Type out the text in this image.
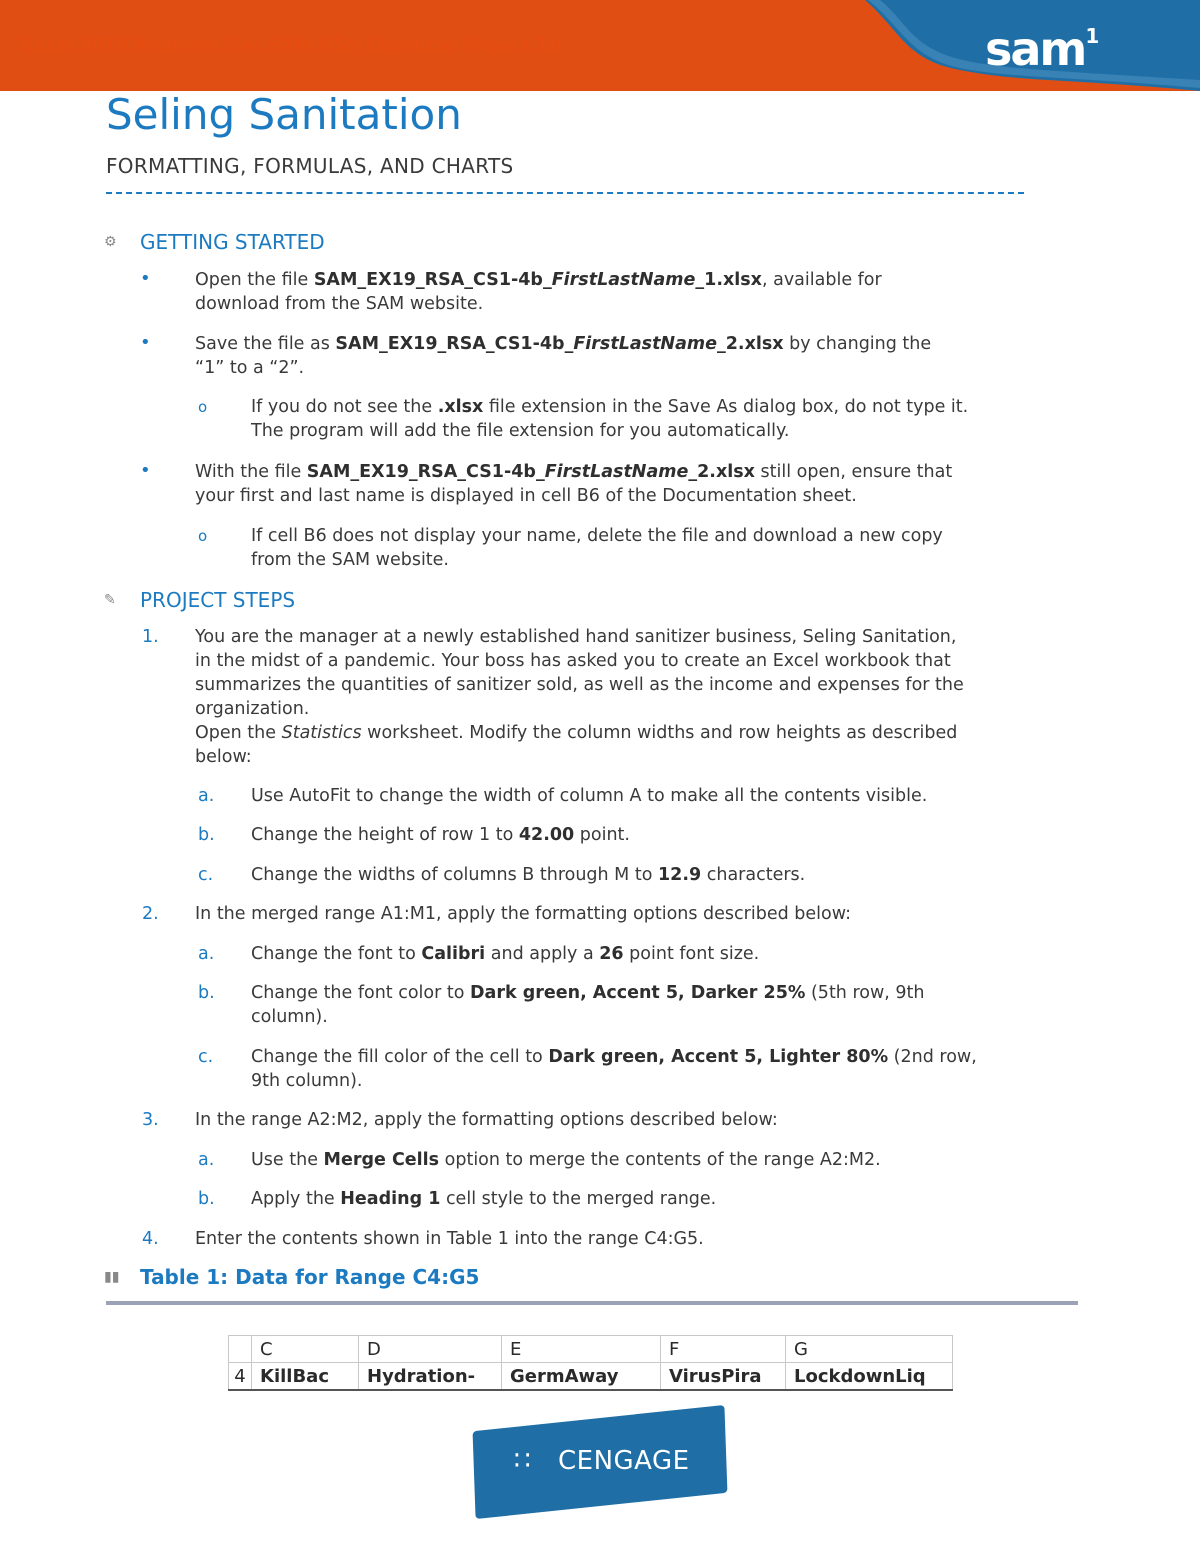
Excel 2019 Modules 1-4: SAM RSA Capstone Project 1b	sam$^1$
Seling Sanitation
FORMATTING, FORMULAS, AND CHARTS
⚙	GETTING STARTED
•	Open the file SAM_EX19_RSA_CS1-4b_FirstLastName_1.xlsx, available for
download from the SAM website.
•	Save the file as SAM_EX19_RSA_CS1-4b_FirstLastName_2.xlsx by changing the
“1” to a “2”.
o	If you do not see the .xlsx file extension in the Save As dialog box, do not type it.
The program will add the file extension for you automatically.
•	With the file SAM_EX19_RSA_CS1-4b_FirstLastName_2.xlsx still open, ensure that
your first and last name is displayed in cell B6 of the Documentation sheet.
o	If cell B6 does not display your name, delete the file and download a new copy
from the SAM website.
✎	PROJECT STEPS
1. You are the manager at a newly established hand sanitizer business, Seling Sanitation,
in the midst of a pandemic. Your boss has asked you to create an Excel workbook that
summarizes the quantities of sanitizer sold, as well as the income and expenses for the
organization.
Open the Statistics worksheet. Modify the column widths and row heights as described
below:
a. Use AutoFit to change the width of column A to make all the contents visible.
b. Change the height of row 1 to 42.00 point.
c. Change the widths of columns B through M to 12.9 characters.
2. In the merged range A1:M1, apply the formatting options described below:
a. Change the font to Calibri and apply a 26 point font size.
b. Change the font color to Dark green, Accent 5, Darker 25% (5th row, 9th
column).
c. Change the fill color of the cell to Dark green, Accent 5, Lighter 80% (2nd row,
9th column).
3. In the range A2:M2, apply the formatting options described below:
a. Use the Merge Cells option to merge the contents of the range A2:M2.
b. Apply the Heading 1 cell style to the merged range.
4. Enter the contents shown in Table 1 into the range C4:G5.
▮▮	Table 1: Data for Range C4:G5
	C	D	E	F	G
4	KillBac	Hydration-	GermAway	VirusPira	LockdownLiq
∷ CENGAGE
